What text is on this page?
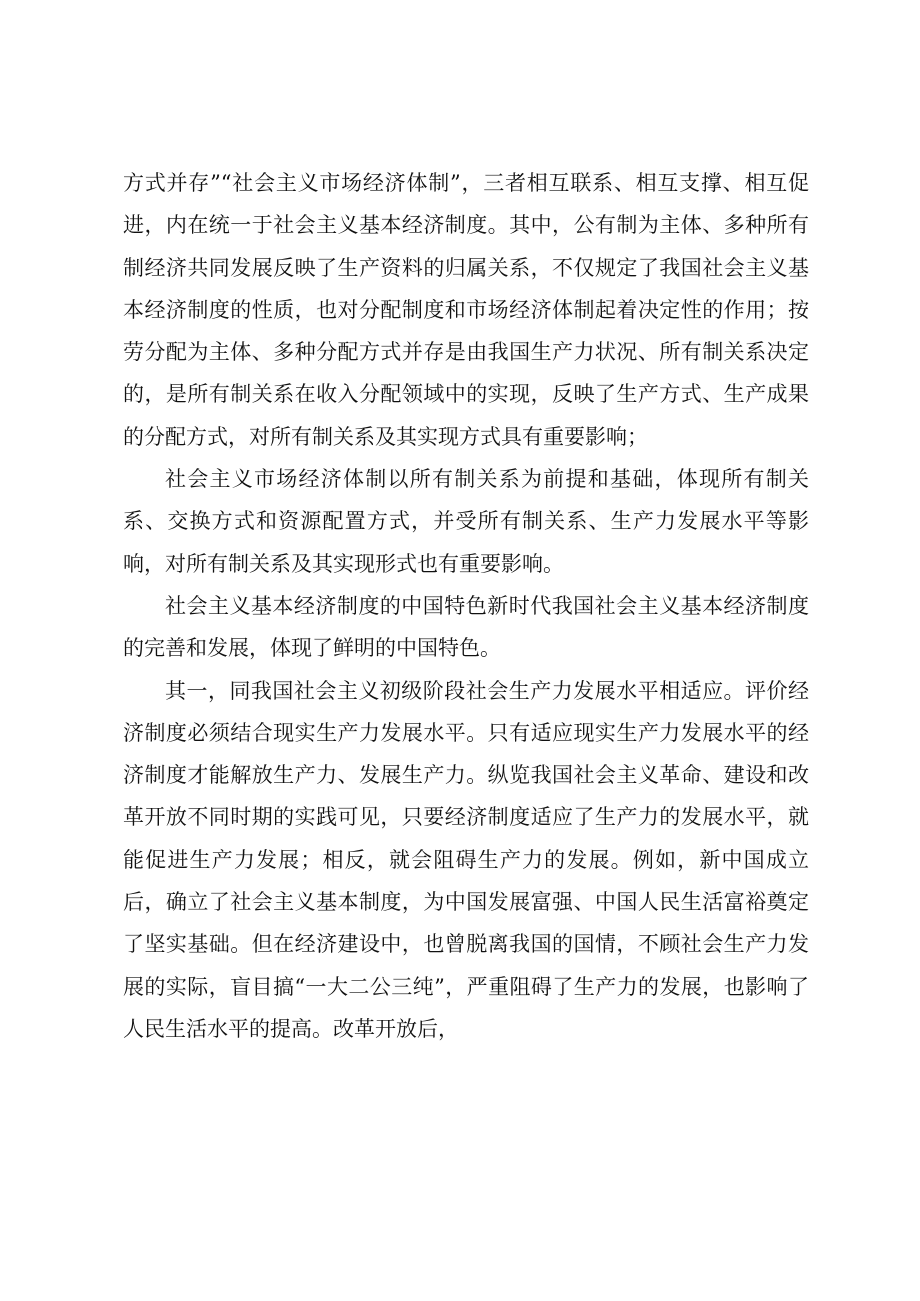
方式并存”“社会主义市场经济体制”，三者相互联系、相互支撑、相互促进，内在统一于社会主义基本经济制度。其中，公有制为主体、多种所有制经济共同发展反映了生产资料的归属关系，不仅规定了我国社会主义基本经济制度的性质，也对分配制度和市场经济体制起着决定性的作用；按劳分配为主体、多种分配方式并存是由我国生产力状况、所有制关系决定的，是所有制关系在收入分配领域中的实现，反映了生产方式、生产成果的分配方式，对所有制关系及其实现方式具有重要影响；

社会主义市场经济体制以所有制关系为前提和基础，体现所有制关系、交换方式和资源配置方式，并受所有制关系、生产力发展水平等影响，对所有制关系及其实现形式也有重要影响。

社会主义基本经济制度的中国特色新时代我国社会主义基本经济制度的完善和发展，体现了鲜明的中国特色。

其一，同我国社会主义初级阶段社会生产力发展水平相适应。评价经济制度必须结合现实生产力发展水平。只有适应现实生产力发展水平的经济制度才能解放生产力、发展生产力。纵览我国社会主义革命、建设和改革开放不同时期的实践可见，只要经济制度适应了生产力的发展水平，就能促进生产力发展；相反，就会阻碍生产力的发展。例如，新中国成立后，确立了社会主义基本制度，为中国发展富强、中国人民生活富裕奠定了坚实基础。但在经济建设中，也曾脱离我国的国情，不顾社会生产力发展的实际，盲目搞“一大二公三纯”，严重阻碍了生产力的发展，也影响了人民生活水平的提高。改革开放后，
